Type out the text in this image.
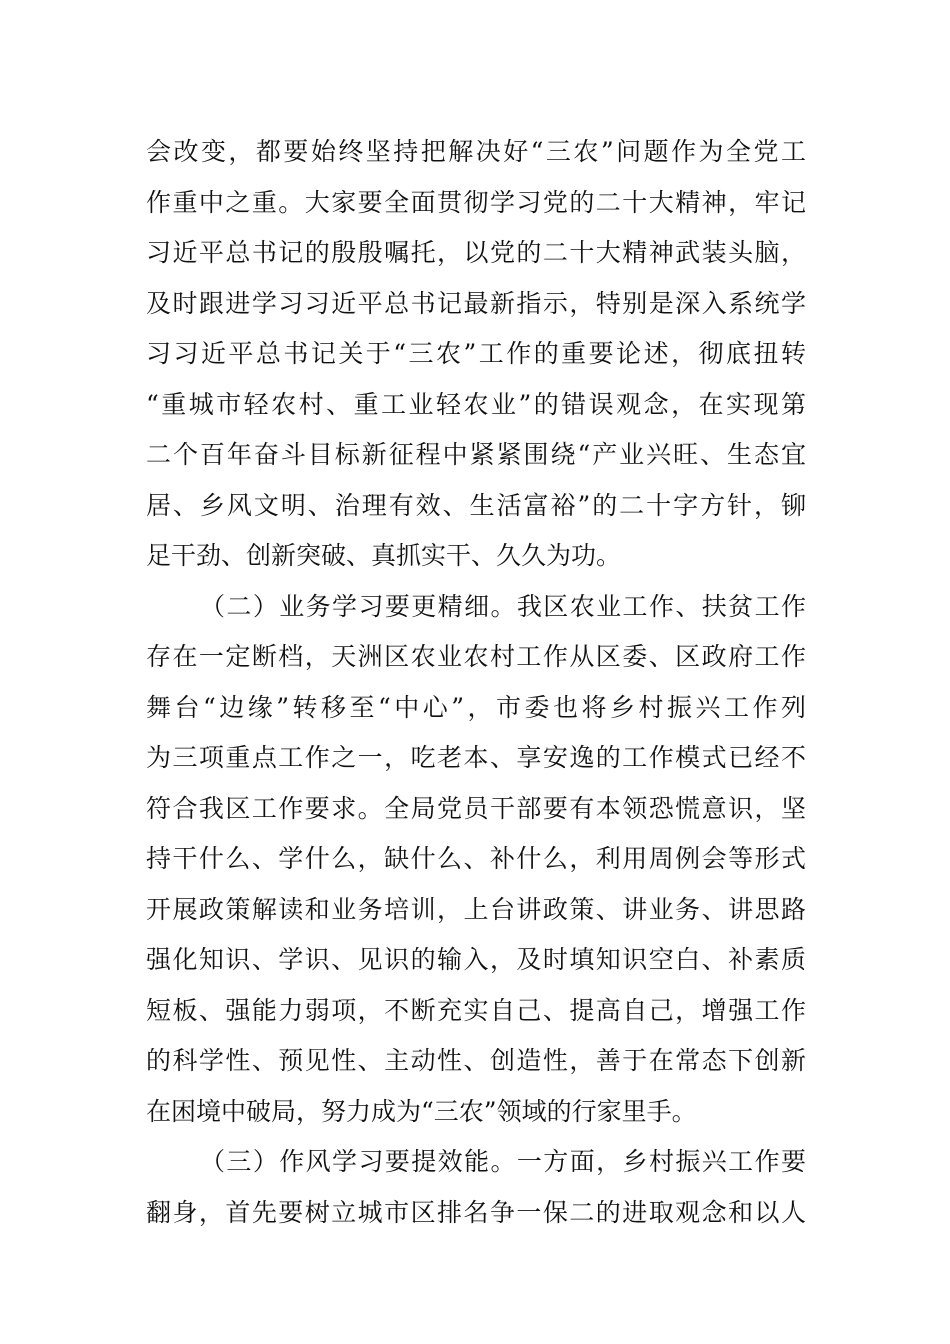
会改变，都要始终坚持把解决好“三农”问题作为全党工
作重中之重。大家要全面贯彻学习党的二十大精神，牢记
习近平总书记的殷殷嘱托，以党的二十大精神武装头脑，
及时跟进学习习近平总书记最新指示，特别是深入系统学
习习近平总书记关于“三农”工作的重要论述，彻底扭转
“重城市轻农村、重工业轻农业”的错误观念，在实现第
二个百年奋斗目标新征程中紧紧围绕“产业兴旺、生态宜
居、乡风文明、治理有效、生活富裕”的二十字方针，铆
足干劲、创新突破、真抓实干、久久为功。
（二）业务学习要更精细。我区农业工作、扶贫工作
存在一定断档，天洲区农业农村工作从区委、区政府工作
舞台“边缘”转移至“中心”，市委也将乡村振兴工作列
为三项重点工作之一，吃老本、享安逸的工作模式已经不
符合我区工作要求。全局党员干部要有本领恐慌意识，坚
持干什么、学什么，缺什么、补什么，利用周例会等形式
开展政策解读和业务培训，上台讲政策、讲业务、讲思路
强化知识、学识、见识的输入，及时填知识空白、补素质
短板、强能力弱项，不断充实自己、提高自己，增强工作
的科学性、预见性、主动性、创造性，善于在常态下创新
在困境中破局，努力成为“三农”领域的行家里手。
（三）作风学习要提效能。一方面，乡村振兴工作要
翻身，首先要树立城市区排名争一保二的进取观念和以人
